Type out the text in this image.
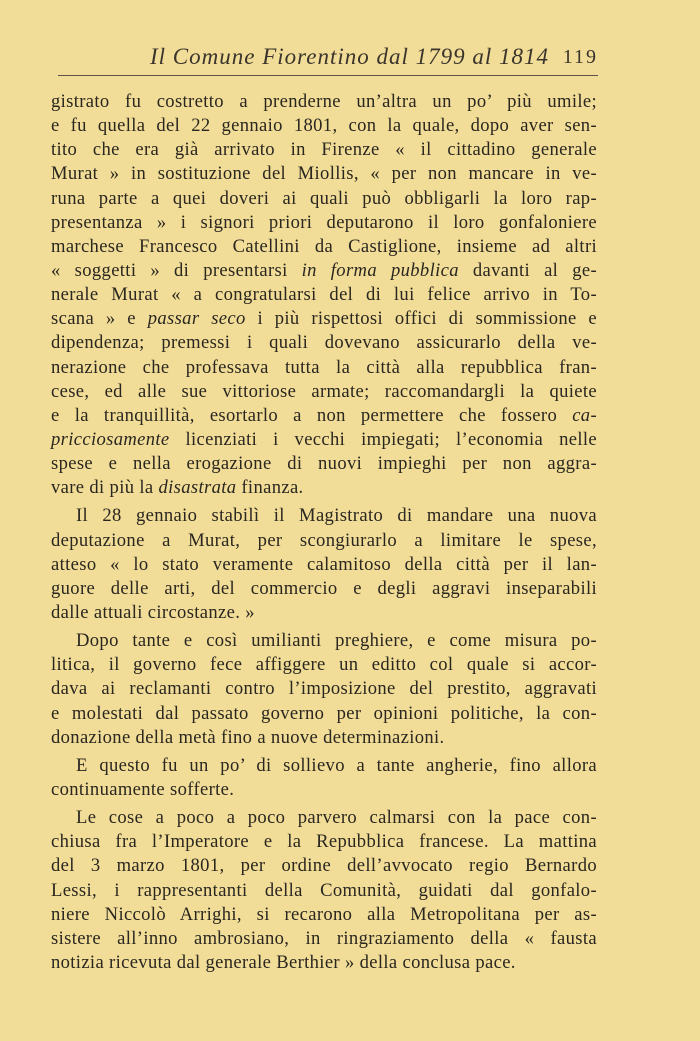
Il Comune Fiorentino dal 1799 al 1814 119
gistrato fu costretto a prenderne un’altra un po’ più umile;
e fu quella del 22 gennaio 1801, con la quale, dopo aver sen-
tito che era già arrivato in Firenze « il cittadino generale
Murat » in sostituzione del Miollis, « per non mancare in ve-
runa parte a quei doveri ai quali può obbligarli la loro rap-
presentanza » i signori priori deputarono il loro gonfaloniere
marchese Francesco Catellini da Castiglione, insieme ad altri
« soggetti » di presentarsi in forma pubblica davanti al ge-
nerale Murat « a congratularsi del di lui felice arrivo in To-
scana » e passar seco i più rispettosi offici di sommissione e
dipendenza; premessi i quali dovevano assicurarlo della ve-
nerazione che professava tutta la città alla repubblica fran-
cese, ed alle sue vittoriose armate; raccomandargli la quiete
e la tranquillità, esortarlo a non permettere che fossero ca-
pricciosamente licenziati i vecchi impiegati; l’economia nelle
spese e nella erogazione di nuovi impieghi per non aggra-
vare di più la disastrata finanza.
Il 28 gennaio stabilì il Magistrato di mandare una nuova
deputazione a Murat, per scongiurarlo a limitare le spese,
atteso « lo stato veramente calamitoso della città per il lan-
guore delle arti, del commercio e degli aggravi inseparabili
dalle attuali circostanze. »
Dopo tante e così umilianti preghiere, e come misura po-
litica, il governo fece affiggere un editto col quale si accor-
dava ai reclamanti contro l’imposizione del prestito, aggravati
e molestati dal passato governo per opinioni politiche, la con-
donazione della metà fino a nuove determinazioni.
E questo fu un po’ di sollievo a tante angherie, fino allora
continuamente sofferte.
Le cose a poco a poco parvero calmarsi con la pace con-
chiusa fra l’Imperatore e la Repubblica francese. La mattina
del 3 marzo 1801, per ordine dell’avvocato regio Bernardo
Lessi, i rappresentanti della Comunità, guidati dal gonfalo-
niere Niccolò Arrighi, si recarono alla Metropolitana per as-
sistere all’inno ambrosiano, in ringraziamento della « fausta
notizia ricevuta dal generale Berthier » della conclusa pace.
